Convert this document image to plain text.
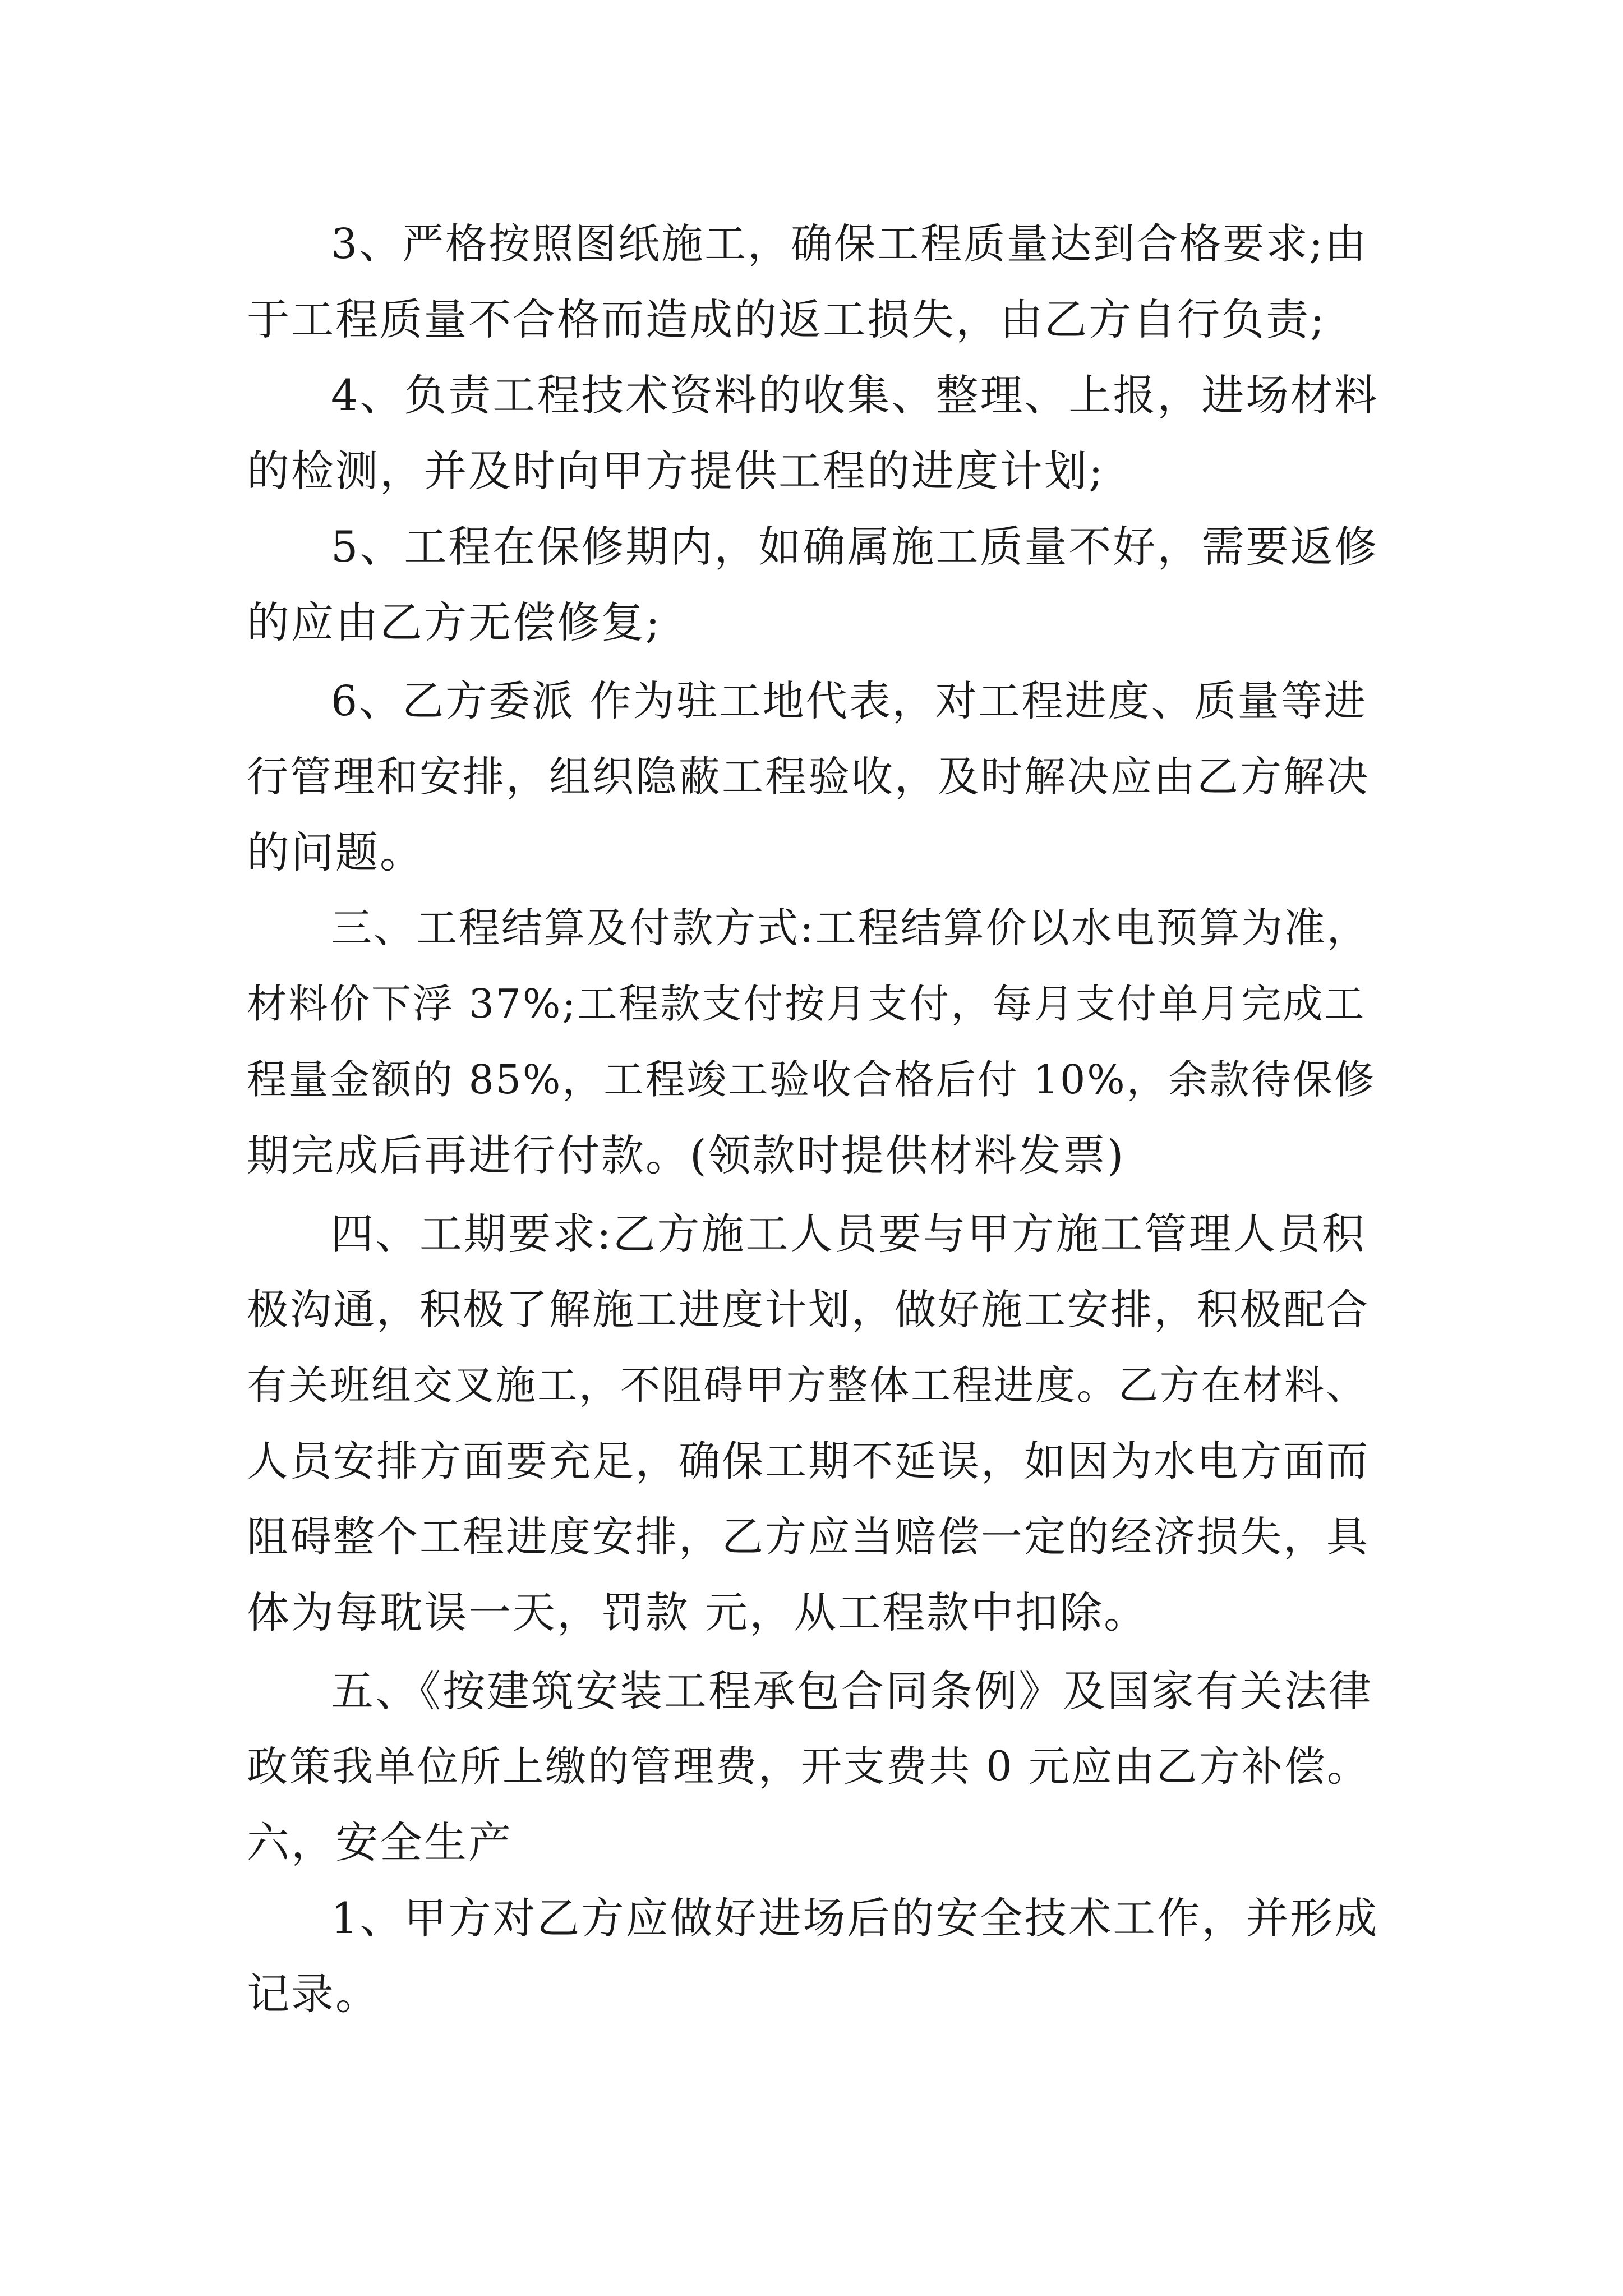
3、严格按照图纸施工，确保工程质量达到合格要求;由

于工程质量不合格而造成的返工损失，由乙方自行负责;

4、负责工程技术资料的收集、整理、上报，进场材料

的检测，并及时向甲方提供工程的进度计划;

5、工程在保修期内，如确属施工质量不好，需要返修

的应由乙方无偿修复;

6、乙方委派 作为驻工地代表，对工程进度、质量等进

行管理和安排，组织隐蔽工程验收，及时解决应由乙方解决

的问题。

三、工程结算及付款方式:工程结算价以水电预算为准，

材料价下浮 37%;工程款支付按月支付，每月支付单月完成工

程量金额的 85%，工程竣工验收合格后付 10%，余款待保修

期完成后再进行付款。(领款时提供材料发票)

四、工期要求:乙方施工人员要与甲方施工管理人员积

极沟通，积极了解施工进度计划，做好施工安排，积极配合

有关班组交叉施工，不阻碍甲方整体工程进度。乙方在材料、

人员安排方面要充足，确保工期不延误，如因为水电方面而

阻碍整个工程进度安排，乙方应当赔偿一定的经济损失，具

体为每耽误一天，罚款 元，从工程款中扣除。

五、《按建筑安装工程承包合同条例》及国家有关法律

政策我单位所上缴的管理费，开支费共 0 元应由乙方补偿。

六，安全生产

1、甲方对乙方应做好进场后的安全技术工作，并形成

记录。
